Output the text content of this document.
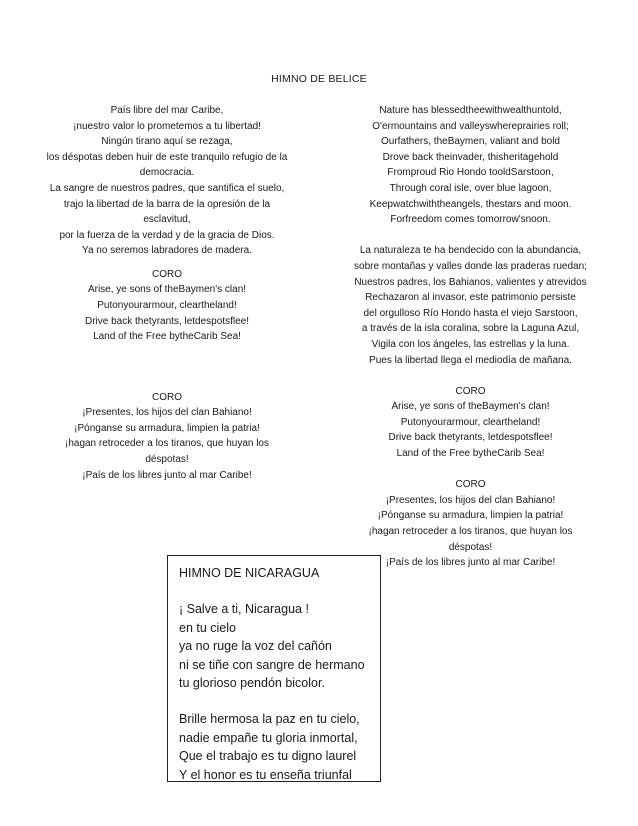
HIMNO DE BELICE
País libre del mar Caribe,
¡nuestro valor lo prometemos a tu libertad!
Ningún tirano aquí se rezaga,
los déspotas deben huir de este tranquilo refugio de la
democracia.
La sangre de nuestros padres, que santifica el suelo,
trajo la libertad de la barra de la opresión de la
esclavitud,
por la fuerza de la verdad y de la gracia de Dios.
Ya no seremos labradores de madera.
CORO
Arise, ye sons of theBaymen's clan!
Putonyourarmour, cleartheland!
Drive back thetyrants, letdespotsflee!
Land of the Free bytheCarib Sea!
CORO
¡Presentes, los hijos del clan Bahiano!
¡Pónganse su armadura, limpien la patria!
¡hagan retroceder a los tiranos, que huyan los
déspotas!
¡País de los libres junto al mar Caribe!
Nature has blessedtheewithwealthuntold,
O'ermountains and valleyswhereprairies roll;
Ourfathers, theBaymen, valiant and bold
Drove back theinvader, thisheritagehold
Fromproud Rio Hondo tooldSarstoon,
Through coral isle, over blue lagoon,
Keepwatchwiththeangels, thestars and moon.
Forfreedom comes tomorrow'snoon.
La naturaleza te ha bendecido con la abundancia,
sobre montañas y valles donde las praderas ruedan;
Nuestros padres, los Bahianos, valientes y atrevidos
Rechazaron al invasor, este patrimonio persiste
del orgulloso Río Hondo hasta el viejo Sarstoon,
a través de la isla coralina, sobre la Laguna Azul,
Vigila con los ángeles, las estrellas y la luna.
Pues la libertad llega el mediodía de mañana.
CORO
Arise, ye sons of theBaymen's clan!
Putonyourarmour, cleartheland!
Drive back thetyrants, letdespotsflee!
Land of the Free bytheCarib Sea!
CORO
¡Presentes, los hijos del clan Bahiano!
¡Pónganse su armadura, limpien la patria!
¡hagan retroceder a los tiranos, que huyan los
déspotas!
¡País de los libres junto al mar Caribe!
HIMNO DE NICARAGUA
¡ Salve a ti, Nicaragua !
en tu cielo
ya no ruge la voz del cañón
ni se tiñe con sangre de hermano
tu glorioso pendón bicolor.
Brille hermosa la paz en tu cielo,
nadie empañe tu gloria inmortal,
Que el trabajo es tu digno laurel
Y el honor es tu enseña triunfal
